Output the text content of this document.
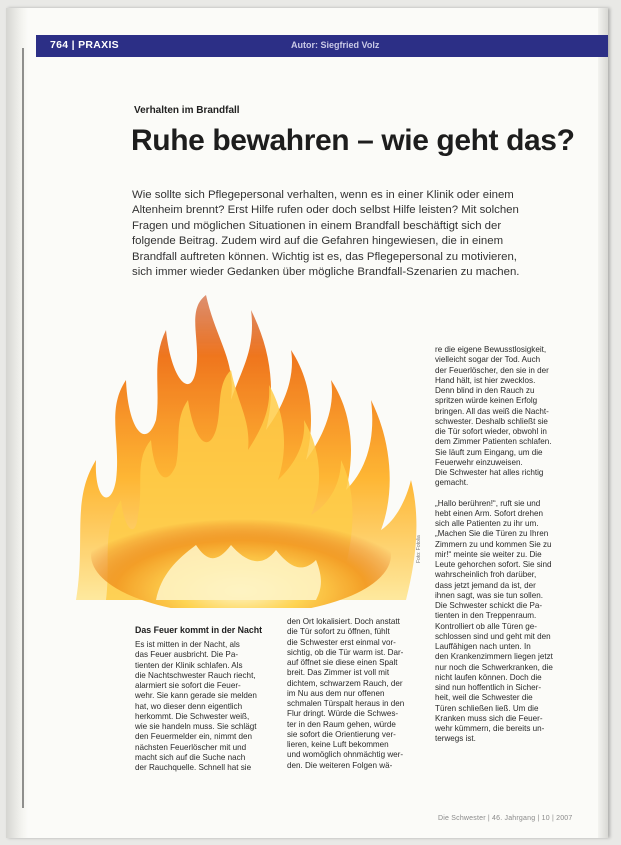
764 | PRAXIS	Autor: Siegfried Volz
Verhalten im Brandfall
Ruhe bewahren – wie geht das?
Wie sollte sich Pflegepersonal verhalten, wenn es in einer Klinik oder einem
Altenheim brennt? Erst Hilfe rufen oder doch selbst Hilfe leisten? Mit solchen
Fragen und möglichen Situationen in einem Brandfall beschäftigt sich der
folgende Beitrag. Zudem wird auf die Gefahren hingewiesen, die in einem
Brandfall auftreten können. Wichtig ist es, das Pflegepersonal zu motivieren,
sich immer wieder Gedanken über mögliche Brandfall-Szenarien zu machen.
Foto: Fotolia
Das Feuer kommt in der Nacht
Es ist mitten in der Nacht, als
das Feuer ausbricht. Die Pa-
tienten der Klinik schlafen. Als
die Nachtschwester Rauch riecht,
alarmiert sie sofort die Feuer-
wehr. Sie kann gerade sie melden
hat, wo dieser denn eigentlich
herkommt. Die Schwester weiß,
wie sie handeln muss. Sie schlägt
den Feuermelder ein, nimmt den
nächsten Feuerlöscher mit und
macht sich auf die Suche nach
der Rauchquelle. Schnell hat sie
den Ort lokalisiert. Doch anstatt
die Tür sofort zu öffnen, fühlt
die Schwester erst einmal vor-
sichtig, ob die Tür warm ist. Dar-
auf öffnet sie diese einen Spalt
breit. Das Zimmer ist voll mit
dichtem, schwarzem Rauch, der
im Nu aus dem nur offenen
schmalen Türspalt heraus in den
Flur dringt. Würde die Schwes-
ter in den Raum gehen, würde
sie sofort die Orientierung ver-
lieren, keine Luft bekommen
und womöglich ohnmächtig wer-
den. Die weiteren Folgen wä-
re die eigene Bewusstlosigkeit,
vielleicht sogar der Tod. Auch
der Feuerlöscher, den sie in der
Hand hält, ist hier zwecklos.
Denn blind in den Rauch zu
spritzen würde keinen Erfolg
bringen. All das weiß die Nacht-
schwester. Deshalb schließt sie
die Tür sofort wieder, obwohl in
dem Zimmer Patienten schlafen.
Sie läuft zum Eingang, um die
Feuerwehr einzuweisen.
Die Schwester hat alles richtig
gemacht.
„Hallo berühren!“, ruft sie und
hebt einen Arm. Sofort drehen
sich alle Patienten zu ihr um.
„Machen Sie die Türen zu Ihren
Zimmern zu und kommen Sie zu
mir!“ meinte sie weiter zu. Die
Leute gehorchen sofort. Sie sind
wahrscheinlich froh darüber,
dass jetzt jemand da ist, der
ihnen sagt, was sie tun sollen.
Die Schwester schickt die Pa-
tienten in den Treppenraum.
Kontrolliert ob alle Türen ge-
schlossen sind und geht mit den
Lauffähigen nach unten. In
den Krankenzimmern liegen jetzt
nur noch die Schwerkranken, die
nicht laufen können. Doch die
sind nun hoffentlich in Sicher-
heit, weil die Schwester die
Türen schließen ließ. Um die
Kranken muss sich die Feuer-
wehr kümmern, die bereits un-
terwegs ist.
Die Schwester | 46. Jahrgang | 10 | 2007
